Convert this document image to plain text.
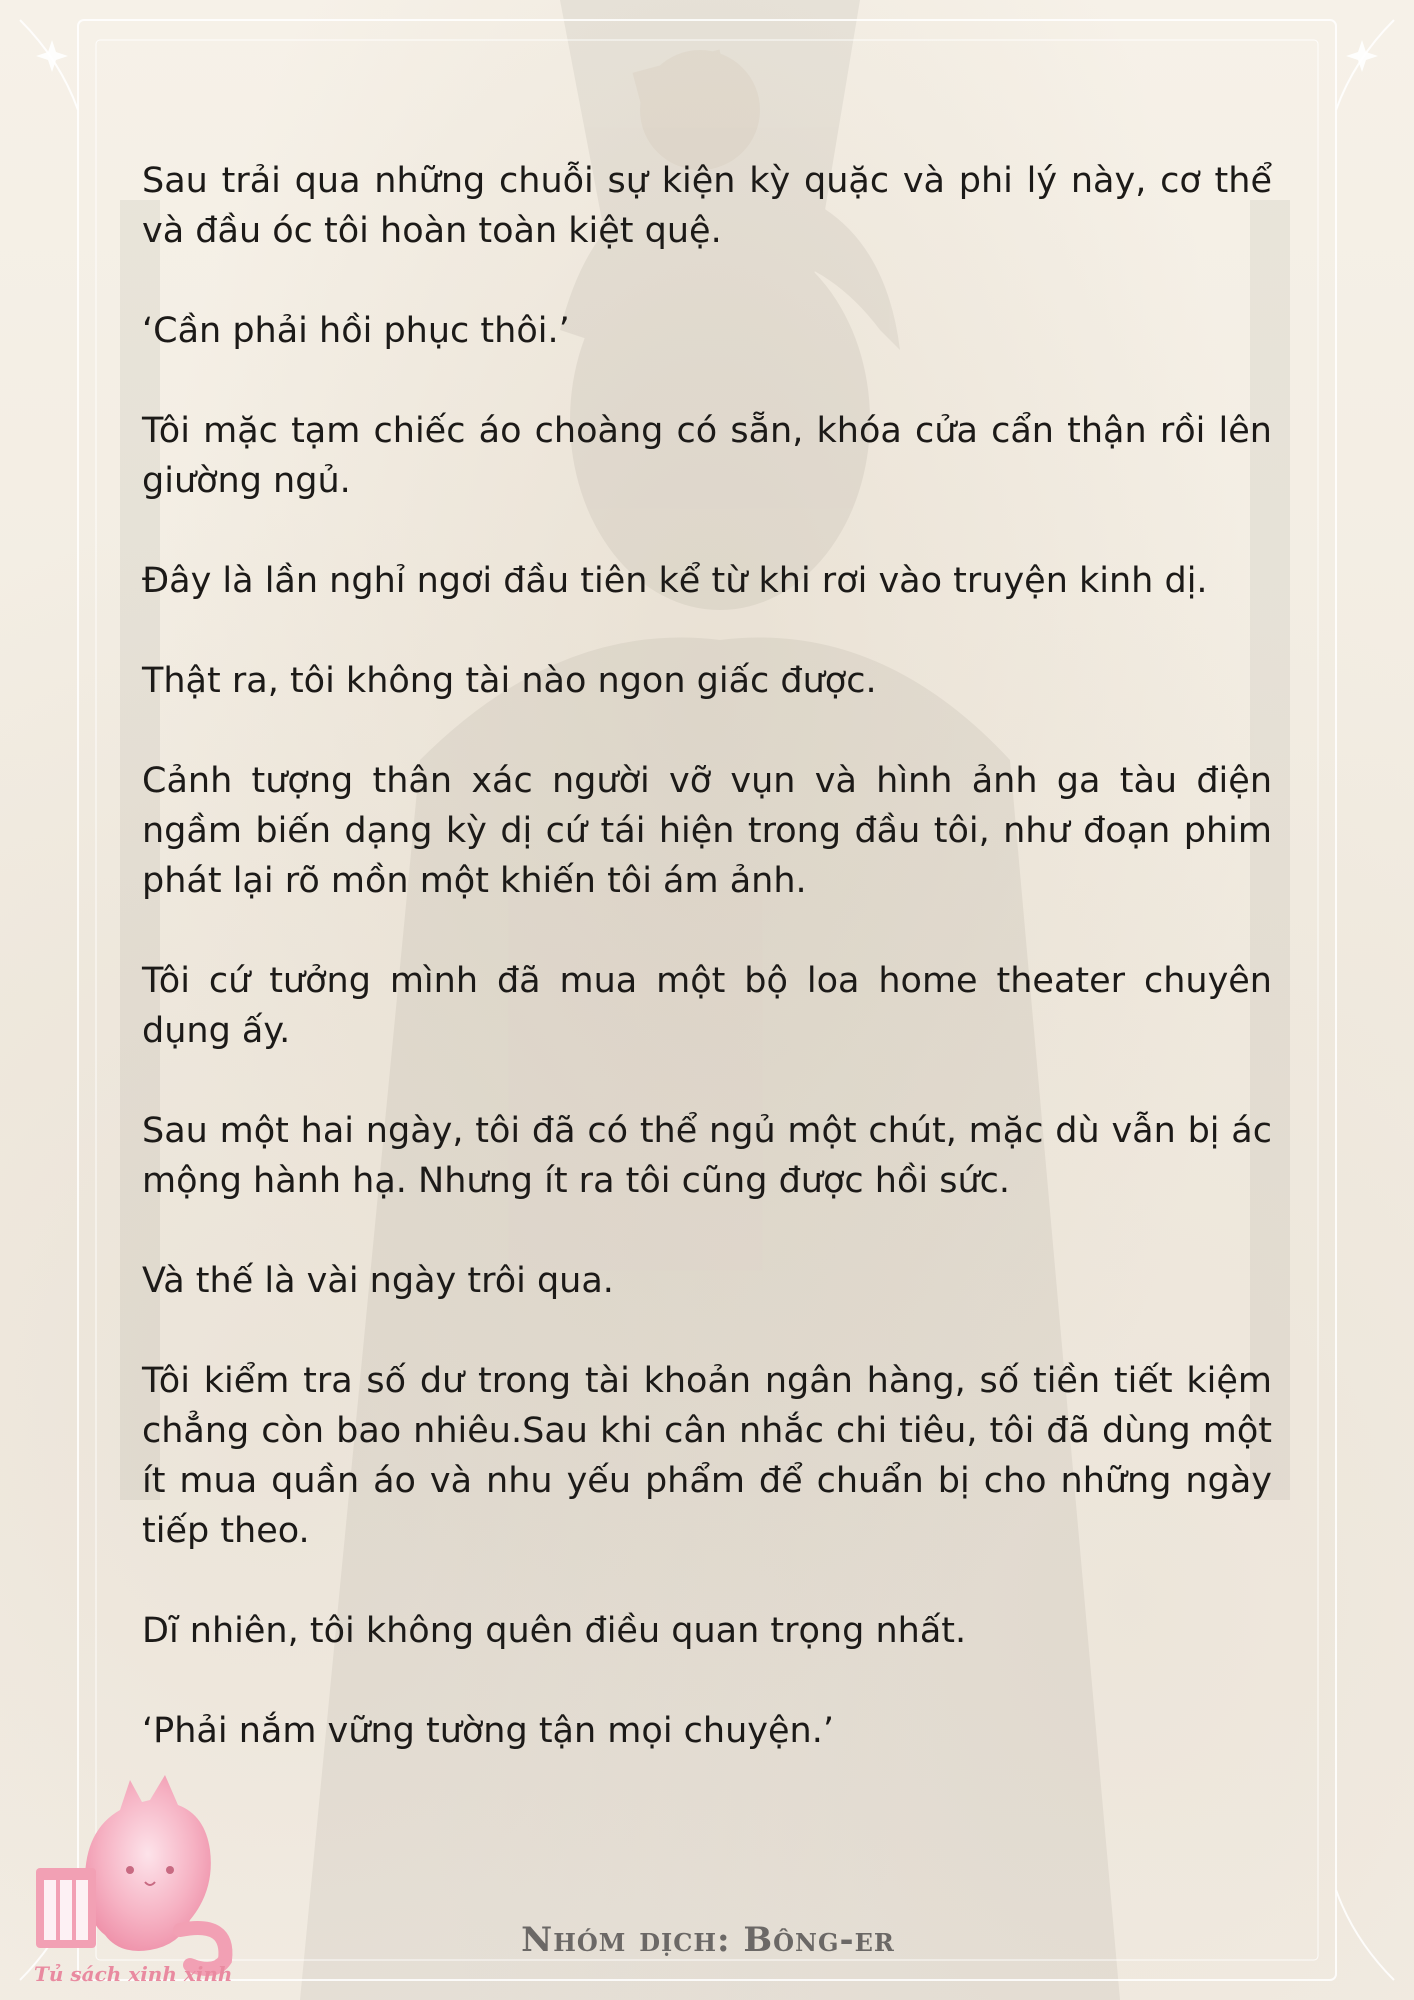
Sau trải qua những chuỗi sự kiện kỳ quặc và phi lý này, cơ thể và đầu óc tôi hoàn toàn kiệt quệ.

‘Cần phải hồi phục thôi.’

Tôi mặc tạm chiếc áo choàng có sẵn, khóa cửa cẩn thận rồi lên giường ngủ.

Đây là lần nghỉ ngơi đầu tiên kể từ khi rơi vào truyện kinh dị.

Thật ra, tôi không tài nào ngon giấc được.

Cảnh tượng thân xác người vỡ vụn và hình ảnh ga tàu điện ngầm biến dạng kỳ dị cứ tái hiện trong đầu tôi, như đoạn phim phát lại rõ mồn một khiến tôi ám ảnh.

Tôi cứ tưởng mình đã mua một bộ loa home theater chuyên dụng ấy.

Sau một hai ngày, tôi đã có thể ngủ một chút, mặc dù vẫn bị ác mộng hành hạ. Nhưng ít ra tôi cũng được hồi sức.

Và thế là vài ngày trôi qua.

Tôi kiểm tra số dư trong tài khoản ngân hàng, số tiền tiết kiệm chẳng còn bao nhiêu.Sau khi cân nhắc chi tiêu, tôi đã dùng một ít mua quần áo và nhu yếu phẩm để chuẩn bị cho những ngày tiếp theo.

Dĩ nhiên, tôi không quên điều quan trọng nhất.

‘Phải nắm vững tường tận mọi chuyện.’

Tủ sách xinh xinh
Nhóm dịch: Bông-er
